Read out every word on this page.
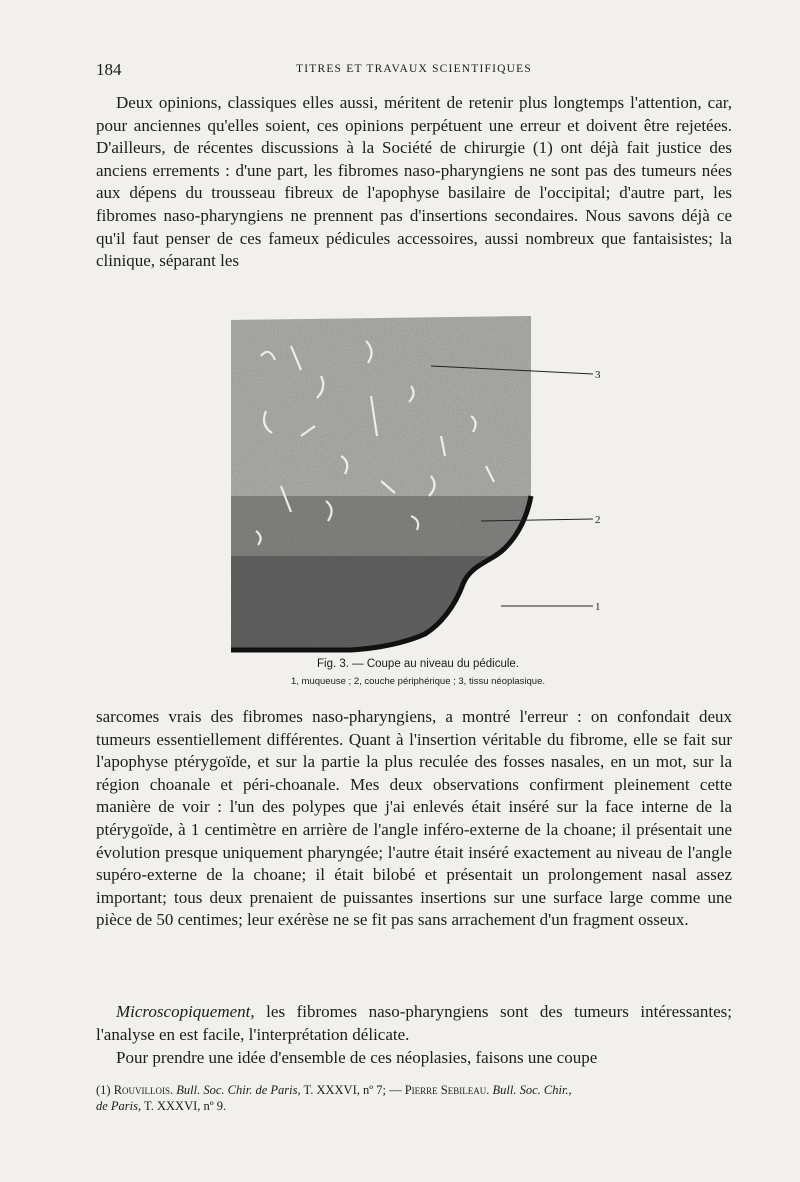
184	TITRES ET TRAVAUX SCIENTIFIQUES

Deux opinions, classiques elles aussi, méritent de retenir plus longtemps l'attention, car, pour anciennes qu'elles soient, ces opinions perpétuent une erreur et doivent être rejetées. D'ailleurs, de récentes discussions à la Société de chirurgie (1) ont déjà fait justice des anciens errements : d'une part, les fibromes naso-pharyngiens ne sont pas des tumeurs nées aux dépens du trousseau fibreux de l'apophyse basilaire de l'occipital; d'autre part, les fibromes naso-pharyngiens ne prennent pas d'insertions secondaires. Nous savons déjà ce qu'il faut penser de ces fameux pédicules accessoires, aussi nombreux que fantaisistes; la clinique, séparant les

3
2
1
Fig. 3. — Coupe au niveau du pédicule.
1, muqueuse ; 2, couche périphérique ; 3, tissu néoplasique.

sarcomes vrais des fibromes naso-pharyngiens, a montré l'erreur : on confondait deux tumeurs essentiellement différentes. Quant à l'insertion véritable du fibrome, elle se fait sur l'apophyse ptérygoïde, et sur la partie la plus reculée des fosses nasales, en un mot, sur la région choanale et péri-choanale. Mes deux observations confirment pleinement cette manière de voir : l'un des polypes que j'ai enlevés était inséré sur la face interne de la ptérygoïde, à 1 centimètre en arrière de l'angle inféro-externe de la choane; il présentait une évolution presque uniquement pharyngée; l'autre était inséré exactement au niveau de l'angle supéro-externe de la choane; il était bilobé et présentait un prolongement nasal assez important; tous deux prenaient de puissantes insertions sur une surface large comme une pièce de 50 centimes; leur exérèse ne se fit pas sans arrachement d'un fragment osseux.

Microscopiquement, les fibromes naso-pharyngiens sont des tumeurs intéressantes; l'analyse en est facile, l'interprétation délicate.

Pour prendre une idée d'ensemble de ces néoplasies, faisons une coupe

(1) Rouvillois. Bull. Soc. Chir. de Paris, T. XXXVI, nº 7; — Pierre Sebileau. Bull. Soc. Chir.,
de Paris, T. XXXVI, nº 9.
